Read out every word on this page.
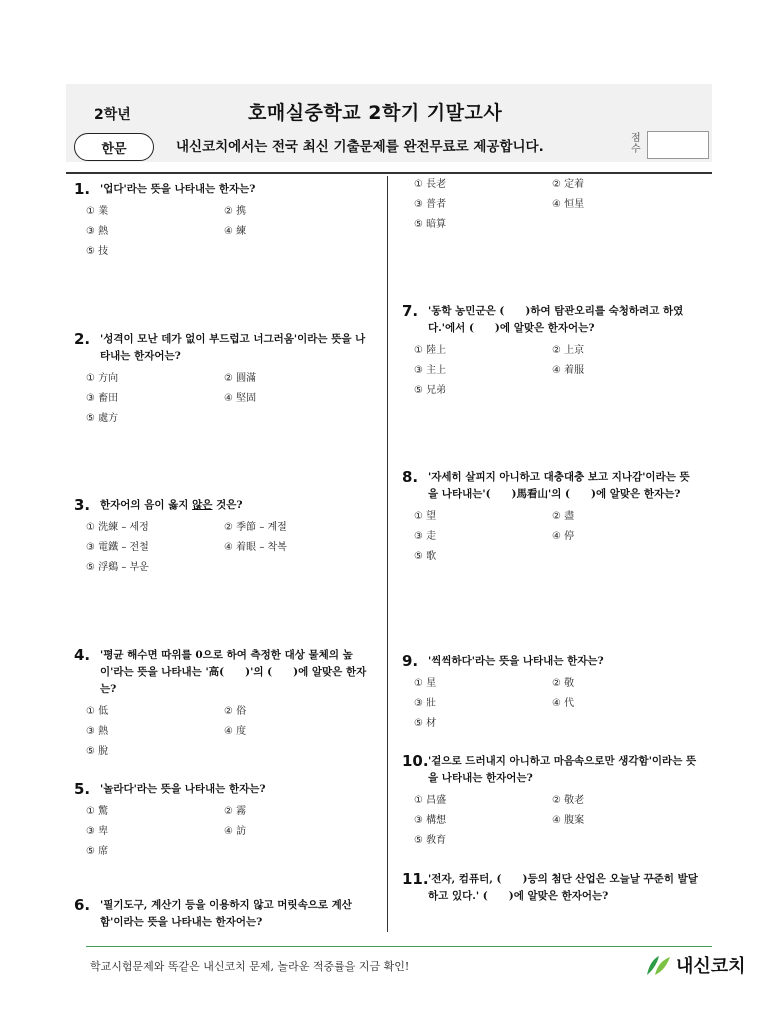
2학년	호매실중학교 2학기 기말고사
한문	내신코치에서는 전국 최신 기출문제를 완전무료로 제공합니다.
점수
1. '업다'라는 뜻을 나타내는 한자는?
① 業	② 携
③ 熱	④ 練
⑤ 技
2. '성격이 모난 데가 없이 부드럽고 너그러움'이라는 뜻을 나타내는 한자어는?
① 方向	② 圓滿
③ 畜田	④ 堅固
⑤ 處方
3. 한자어의 음이 옳지 않은 것은?
① 洗練 – 세정	② 季節 – 계절
③ 電鐵 – 전철	④ 着眼 – 착복
⑤ 浮鷄 – 부운
4. '평균 해수면 따위를 0으로 하여 측정한 대상 물체의 높이'라는 뜻을 나타내는 '高(　　)'의 (　　)에 알맞은 한자는?
① 低	② 俗
③ 熱	④ 度
⑤ 脫
5. '놀라다'라는 뜻을 나타내는 한자는?
① 驚	② 霧
③ 卑	④ 訪
⑤ 席
6. '필기도구, 계산기 등을 이용하지 않고 머릿속으로 계산함'이라는 뜻을 나타내는 한자어는?
① 長老	② 定着
③ 普者	④ 恒星
⑤ 暗算
7. '동학 농민군은 (　　)하여 탐관오리를 숙청하려고 하였다.'에서 (　　)에 알맞은 한자어는?
① 陸上	② 上京
③ 主上	④ 着服
⑤ 兄弟
8. '자세히 살피지 아니하고 대충대충 보고 지나감'이라는 뜻을 나타내는'(　　)馬看山'의 (　　)에 알맞은 한자는?
① 望	② 盡
③ 走	④ 停
⑤ 歌
9. '씩씩하다'라는 뜻을 나타내는 한자는?
① 星	② 敬
③ 壯	④ 代
⑤ 材
10. '겉으로 드러내지 아니하고 마음속으로만 생각함'이라는 뜻을 나타내는 한자어는?
① 昌盛	② 敬老
③ 構想	④ 腹案
⑤ 敎育
11. '전자, 컴퓨터, (　　)등의 첨단 산업은 오늘날 꾸준히 발달하고 있다.' (　　)에 알맞은 한자어는?
학교시험문제와 똑같은 내신코치 문제, 놀라운 적중률을 지금 확인!	내신코치
